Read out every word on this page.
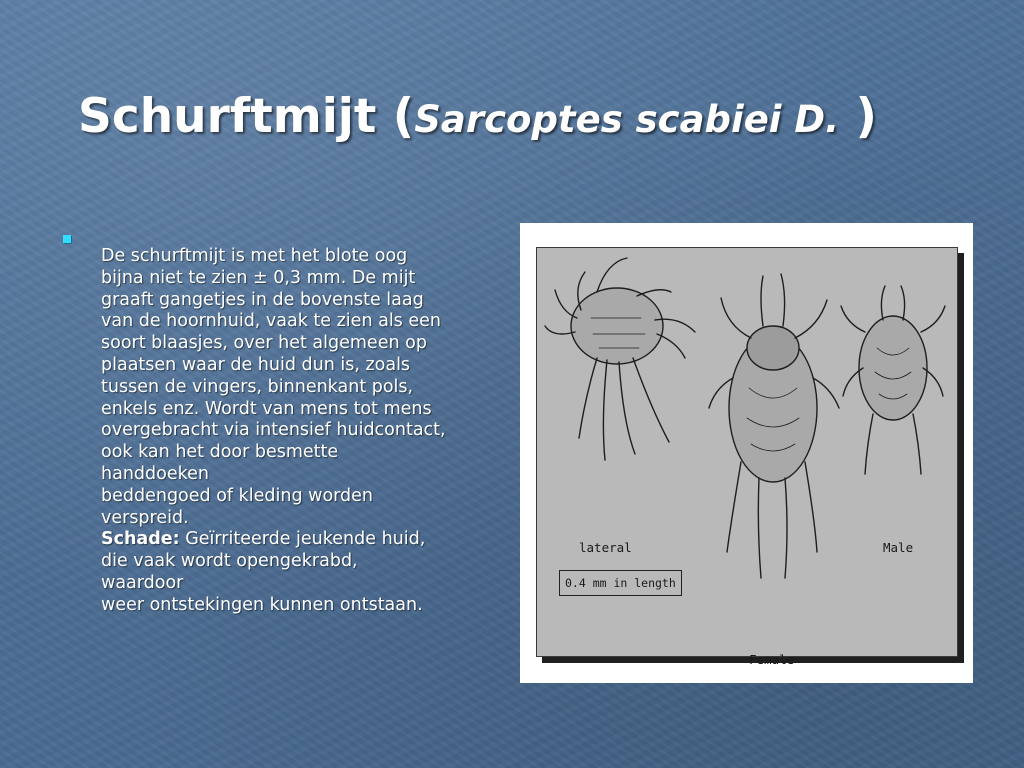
Schurftmijt (Sarcoptes scabiei D. )
De schurftmijt is met het blote oog
bijna niet te zien ± 0,3 mm. De mijt
graaft gangetjes in de bovenste laag
van de hoornhuid, vaak te zien als een
soort blaasjes, over het algemeen op
plaatsen waar de huid dun is, zoals
tussen de vingers, binnenkant pols,
enkels enz. Wordt van mens tot mens
overgebracht via intensief huidcontact,
ook kan het door besmette
handdoeken
beddengoed of kleding worden
verspreid.
Schade: Geïrriteerde jeukende huid,
die vaak wordt opengekrabd,
waardoor
weer ontstekingen kunnen ontstaan.
lateral	Male
Female
0.4 mm in length
